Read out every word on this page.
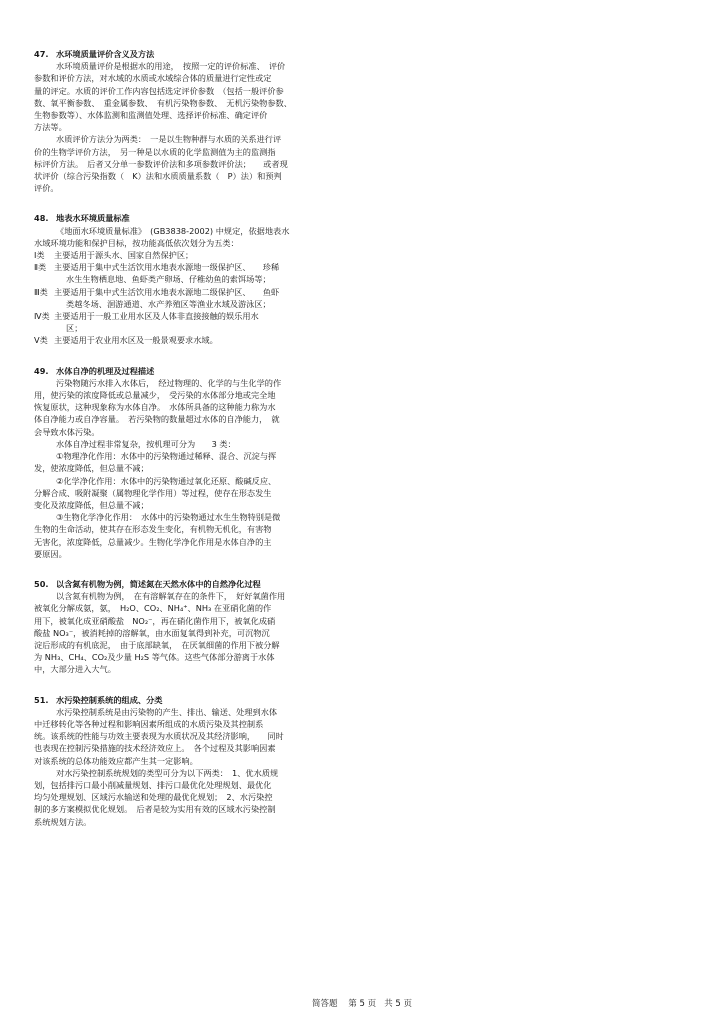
47. 水环境质量评价含义及方法
水环境质量评价是根据水的用途，　按照一定的评价标准、　评价
参数和评价方法，对水域的水质或水域综合体的质量进行定性或定
量的评定。水质的评价工作内容包括选定评价参数　（包括一般评价参
数、氧平衡参数、　重金属参数、　有机污染物参数、　无机污染物参数、
生物参数等）、水体监测和监测值处理、选择评价标准、确定评价
方法等。
水质评价方法分为两类：　一是以生物种群与水质的关系进行评
价的生物学评价方法，　另一种是以水质的化学监测值为主的监测指
标评价方法。　后者又分单一参数评价法和多项参数评价法；　　或者现
状评价（综合污染指数（　K）法和水质质量系数（　P）法）和预判
评价。
48. 地表水环境质量标准
《地面水环境质量标准》　(GB3838-2002) 中规定，依据地表水
水域环境功能和保护目标，按功能高低依次划分为五类：
Ⅰ类	主要适用于源头水、国家自然保护区；
Ⅱ类 主要适用于集中式生活饮用水地表水源地一级保护区、　　珍稀
水生生物栖息地、鱼虾类产卵场、仔稚幼鱼的索饵场等；
Ⅲ类 主要适用于集中式生活饮用水地表水源地二级保护区、　　鱼虾
类越冬场、洄游通道、水产养殖区等渔业水域及游泳区；
Ⅳ类 主要适用于一般工业用水区及人体非直接接触的娱乐用水
区；
Ⅴ类 主要适用于农业用水区及一般景观要求水域。
49. 水体自净的机理及过程描述
污染物随污水排入水体后，　经过物理的、化学的与生化学的作
用，使污染的浓度降低或总量减少，　受污染的水体部分地或完全地
恢复原状，这种现象称为水体自净。　水体所具备的这种能力称为水
体自净能力或自净容量。　若污染物的数量超过水体的自净能力，　就
会导致水体污染。
水体自净过程非常复杂，按机理可分为　　3 类：
①物理净化作用：水体中的污染物通过稀释、混合、沉淀与挥
发，使浓度降低，但总量不减；
②化学净化作用：水体中的污染物通过氧化还原、酸碱反应、
分解合成、吸附凝聚（属物理化学作用）等过程，使存在形态发生
变化及浓度降低，但总量不减；
③生物化学净化作用：　水体中的污染物通过水生生物特别是微
生物的生命活动，使其存在形态发生变化，有机物无机化，有害物
无害化，浓度降低，总量减少。生物化学净化作用是水体自净的主
要原因。
50. 以含氮有机物为例，简述氮在天然水体中的自然净化过程
以含氮有机物为例，　在有溶解氧存在的条件下，　好好氧菌作用
被氧化分解成氨，氨，　H₂O、CO₂、NH₄⁺、NH₃ 在亚硝化菌的作
用下，被氧化成亚硝酸盐　NO₂⁻，再在硝化菌作用下，被氧化成硝
酸盐 NO₃⁻，被消耗掉的溶解氧，由水面复氧得到补充，可沉物沉
淀后形成的有机底泥，　由于底部缺氧，　在厌氧细菌的作用下被分解
为 NH₃、CH₄、CO₂及少量 H₂S 等气体。这些气体部分游离于水体
中，大部分进入大气。
51. 水污染控制系统的组成、分类
水污染控制系统是由污染物的产生、排出、输送、处理到水体
中迁移转化等各种过程和影响因素所组成的水质污染及其控制系
统。该系统的性能与功效主要表现为水质状况及其经济影响，　　同时
也表现在控制污染措施的技术经济效应上。　各个过程及其影响因素
对该系统的总体功能效应都产生其一定影响。
对水污染控制系统规划的类型可分为以下两类：　1、优水质规
划，包括排污口最小削减量规划、排污口最优化处理规划、最优化
均匀处理规划、区域污水输送和处理的最优化规划；　2、水污染控
制的多方案模拟优化规划。　后者是较为实用有效的区域水污染控制
系统规划方法。
简答题 第 5 页 共 5 页
